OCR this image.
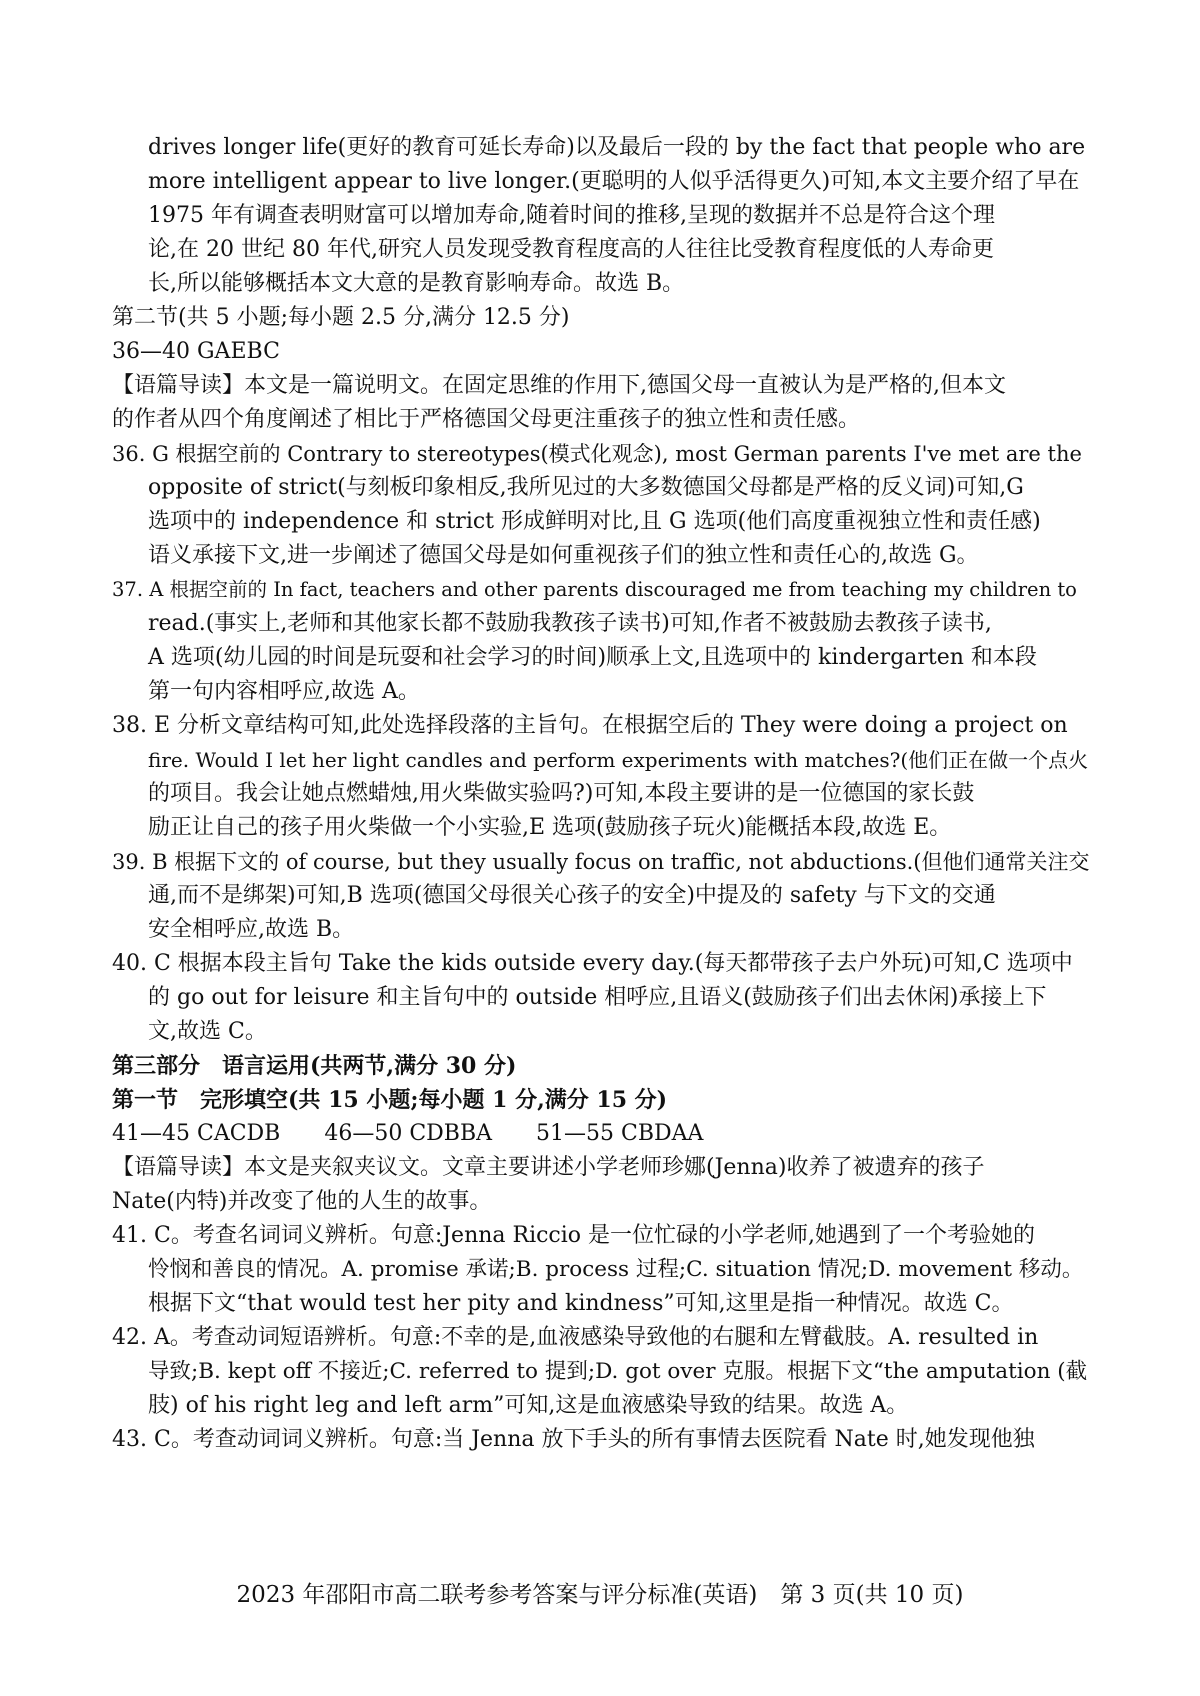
drives longer life(更好的教育可延长寿命)以及最后一段的 by the fact that people who are
more intelligent appear to live longer.(更聪明的人似乎活得更久)可知,本文主要介绍了早在
1975 年有调查表明财富可以增加寿命,随着时间的推移,呈现的数据并不总是符合这个理
论,在 20 世纪 80 年代,研究人员发现受教育程度高的人往往比受教育程度低的人寿命更
长,所以能够概括本文大意的是教育影响寿命。故选 B。
第二节(共 5 小题;每小题 2.5 分,满分 12.5 分)
36—40 GAEBC
【语篇导读】本文是一篇说明文。在固定思维的作用下,德国父母一直被认为是严格的,但本文
的作者从四个角度阐述了相比于严格德国父母更注重孩子的独立性和责任感。
36. G 根据空前的 Contrary to stereotypes(模式化观念), most German parents I've met are the
opposite of strict(与刻板印象相反,我所见过的大多数德国父母都是严格的反义词)可知,G
选项中的 independence 和 strict 形成鲜明对比,且 G 选项(他们高度重视独立性和责任感)
语义承接下文,进一步阐述了德国父母是如何重视孩子们的独立性和责任心的,故选 G。
37. A 根据空前的 In fact, teachers and other parents discouraged me from teaching my children to
read.(事实上,老师和其他家长都不鼓励我教孩子读书)可知,作者不被鼓励去教孩子读书,
A 选项(幼儿园的时间是玩耍和社会学习的时间)顺承上文,且选项中的 kindergarten 和本段
第一句内容相呼应,故选 A。
38. E 分析文章结构可知,此处选择段落的主旨句。在根据空后的 They were doing a project on
fire. Would I let her light candles and perform experiments with matches?(他们正在做一个点火
的项目。我会让她点燃蜡烛,用火柴做实验吗?)可知,本段主要讲的是一位德国的家长鼓
励正让自己的孩子用火柴做一个小实验,E 选项(鼓励孩子玩火)能概括本段,故选 E。
39. B 根据下文的 of course, but they usually focus on traffic, not abductions.(但他们通常关注交
通,而不是绑架)可知,B 选项(德国父母很关心孩子的安全)中提及的 safety 与下文的交通
安全相呼应,故选 B。
40. C 根据本段主旨句 Take the kids outside every day.(每天都带孩子去户外玩)可知,C 选项中
的 go out for leisure 和主旨句中的 outside 相呼应,且语义(鼓励孩子们出去休闲)承接上下
文,故选 C。
第三部分　语言运用(共两节,满分 30 分)
第一节　完形填空(共 15 小题;每小题 1 分,满分 15 分)
41—45 CACDB　　46—50 CDBBA　　51—55 CBDAA
【语篇导读】本文是夹叙夹议文。文章主要讲述小学老师珍娜(Jenna)收养了被遗弃的孩子
Nate(内特)并改变了他的人生的故事。
41. C。考查名词词义辨析。句意:Jenna Riccio 是一位忙碌的小学老师,她遇到了一个考验她的
怜悯和善良的情况。A. promise 承诺;B. process 过程;C. situation 情况;D. movement 移动。
根据下文“that would test her pity and kindness”可知,这里是指一种情况。故选 C。
42. A。考查动词短语辨析。句意:不幸的是,血液感染导致他的右腿和左臂截肢。A. resulted in
导致;B. kept off 不接近;C. referred to 提到;D. got over 克服。根据下文“the amputation (截
肢) of his right leg and left arm”可知,这是血液感染导致的结果。故选 A。
43. C。考查动词词义辨析。句意:当 Jenna 放下手头的所有事情去医院看 Nate 时,她发现他独
2023 年邵阳市高二联考参考答案与评分标准(英语)　第 3 页(共 10 页)
